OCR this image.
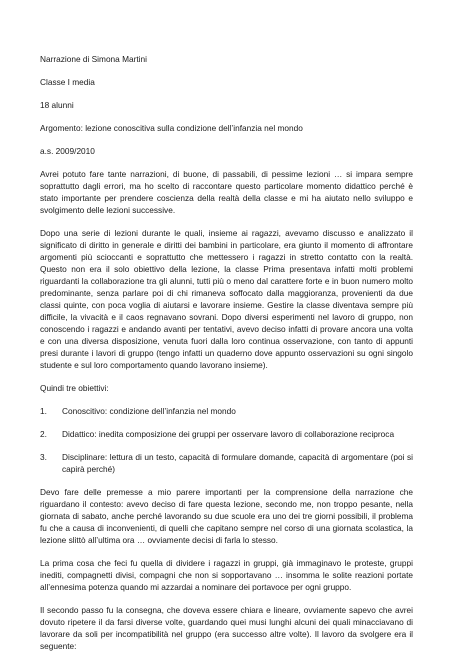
Narrazione di Simona Martini

Classe I media

18 alunni

Argomento: lezione conoscitiva sulla condizione dell’infanzia nel mondo

a.s. 2009/2010

Avrei potuto fare tante narrazioni, di buone, di passabili, di pessime lezioni … si impara sempre soprattutto dagli errori, ma ho scelto di raccontare questo particolare momento didattico perché è stato importante per prendere coscienza della realtà della classe e mi ha aiutato nello sviluppo e svolgimento delle lezioni successive.

Dopo una serie di lezioni durante le quali, insieme ai ragazzi, avevamo discusso e analizzato il significato di diritto in generale e diritti dei bambini in particolare, era giunto il momento di affrontare argomenti più scioccanti e soprattutto che mettessero i ragazzi in stretto contatto con la realtà. Questo non era il solo obiettivo della lezione, la classe Prima presentava infatti molti problemi riguardanti la collaborazione tra gli alunni, tutti più o meno dal carattere forte e in buon numero molto predominante, senza parlare poi di chi rimaneva soffocato dalla maggioranza, provenienti da due classi quinte, con poca voglia di aiutarsi e lavorare insieme. Gestire la classe diventava sempre più difficile, la vivacità e il caos regnavano sovrani. Dopo diversi esperimenti nel lavoro di gruppo, non conoscendo i ragazzi e andando avanti per tentativi, avevo deciso infatti di provare ancora una volta e con una diversa disposizione, venuta fuori dalla loro continua osservazione, con tanto di appunti presi durante i lavori di gruppo (tengo infatti un quaderno dove appunto osservazioni su ogni singolo studente e sul loro comportamento quando lavorano insieme).

Quindi tre obiettivi:

1. Conoscitivo: condizione dell’infanzia nel mondo
2. Didattico: inedita composizione dei gruppi per osservare lavoro di collaborazione reciproca
3. Disciplinare: lettura di un testo, capacità di formulare domande, capacità di argomentare (poi si capirà perché)

Devo fare delle premesse a mio parere importanti per la comprensione della narrazione che riguardano il contesto: avevo deciso di fare questa lezione, secondo me, non troppo pesante, nella giornata di sabato, anche perché lavorando su due scuole era uno dei tre giorni possibili, il problema fu che a causa di inconvenienti, di quelli che capitano sempre nel corso di una giornata scolastica, la lezione slittò all’ultima ora … ovviamente decisi di farla lo stesso.

La prima cosa che feci fu quella di dividere i ragazzi in gruppi, già immaginavo le proteste, gruppi inediti, compagnetti divisi, compagni che non si sopportavano … insomma le solite reazioni portate all’ennesima potenza quando mi azzardai a nominare dei portavoce per ogni gruppo.

Il secondo passo fu la consegna, che doveva essere chiara e lineare, ovviamente sapevo che avrei dovuto ripetere il da farsi diverse volte, guardando quei musi lunghi alcuni dei quali minacciavano di lavorare da soli per incompatibilità nel gruppo (era successo altre volte). Il lavoro da svolgere era il seguente:
